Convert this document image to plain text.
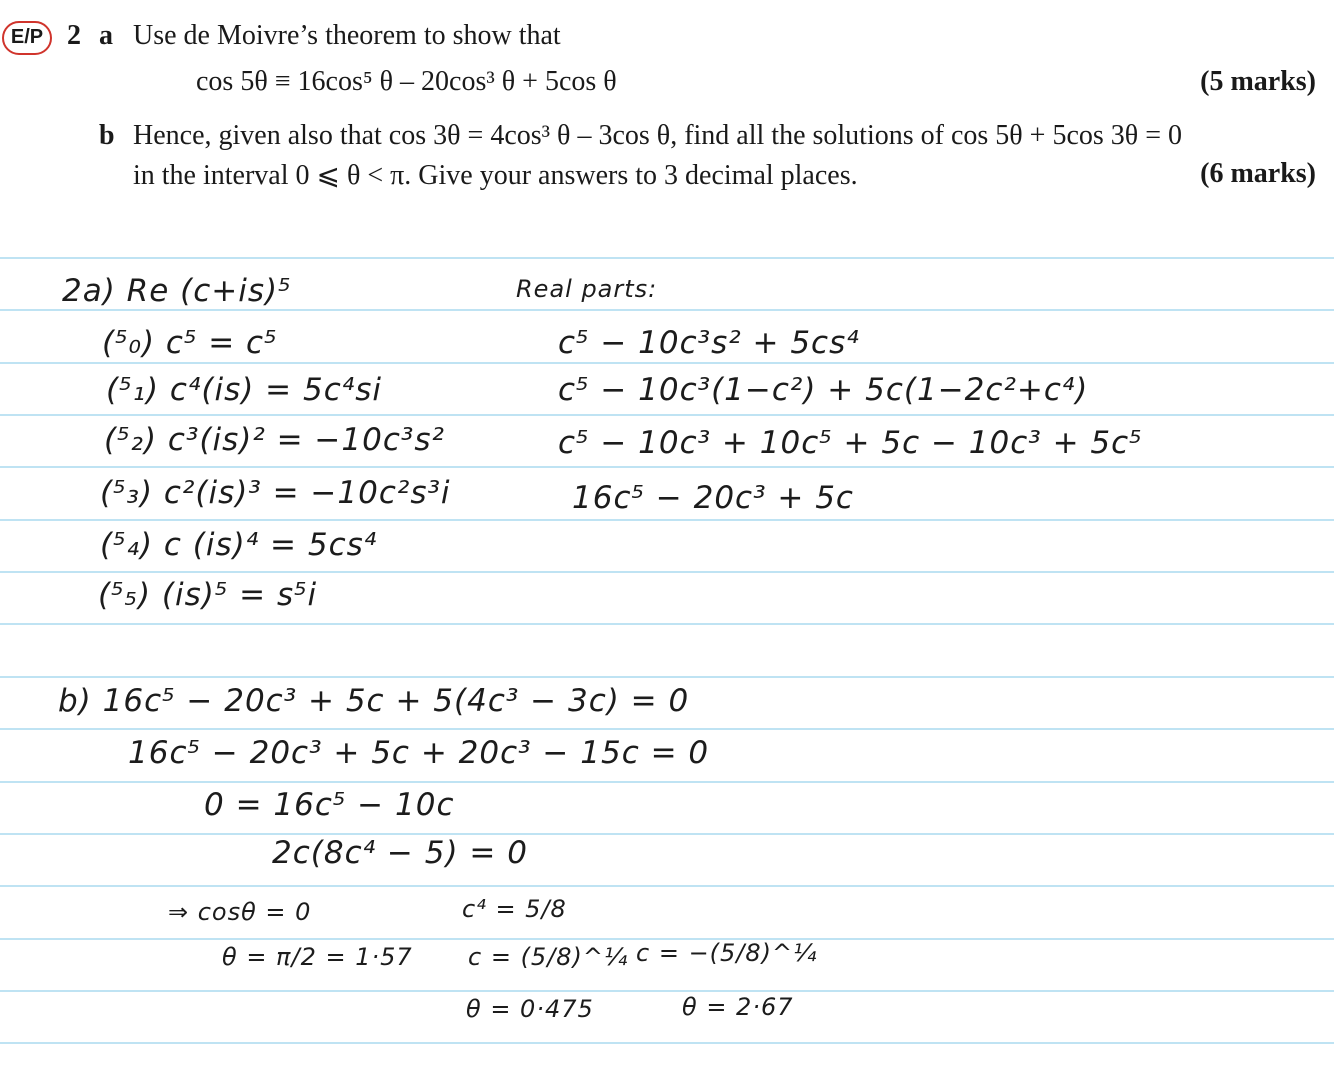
E/P 2 a Use de Moivre’s theorem to show that
cos 5θ ≡ 16cos⁵ θ – 20cos³ θ + 5cos θ	(5 marks)
b Hence, given also that cos 3θ = 4cos³ θ – 3cos θ, find all the solutions of cos 5θ + 5cos 3θ = 0
in the interval 0 ⩽ θ < π. Give your answers to 3 decimal places.	(6 marks)
2a) Re (c+is)⁵
(⁵₀) c⁵ = c⁵
(⁵₁) c⁴(is) = 5c⁴si
(⁵₂) c³(is)² = −10c³s²
(⁵₃) c²(is)³ = −10c²s³i
(⁵₄) c (is)⁴ = 5cs⁴
(⁵₅) (is)⁵ = s⁵i
Real parts:
c⁵ − 10c³s² + 5cs⁴
c⁵ − 10c³(1−c²) + 5c(1−2c²+c⁴)
c⁵ − 10c³ + 10c⁵ + 5c − 10c³ + 5c⁵
16c⁵ − 20c³ + 5c
b) 16c⁵ − 20c³ + 5c + 5(4c³ − 3c) = 0
16c⁵ − 20c³ + 5c + 20c³ − 15c = 0
0 = 16c⁵ − 10c
2c(8c⁴ − 5) = 0
⇒ cosθ = 0
θ = π/2 = 1·57
c⁴ = 5/8
c = (5/8)^¼ c = −(5/8)^¼
θ = 0·475	θ = 2·67
